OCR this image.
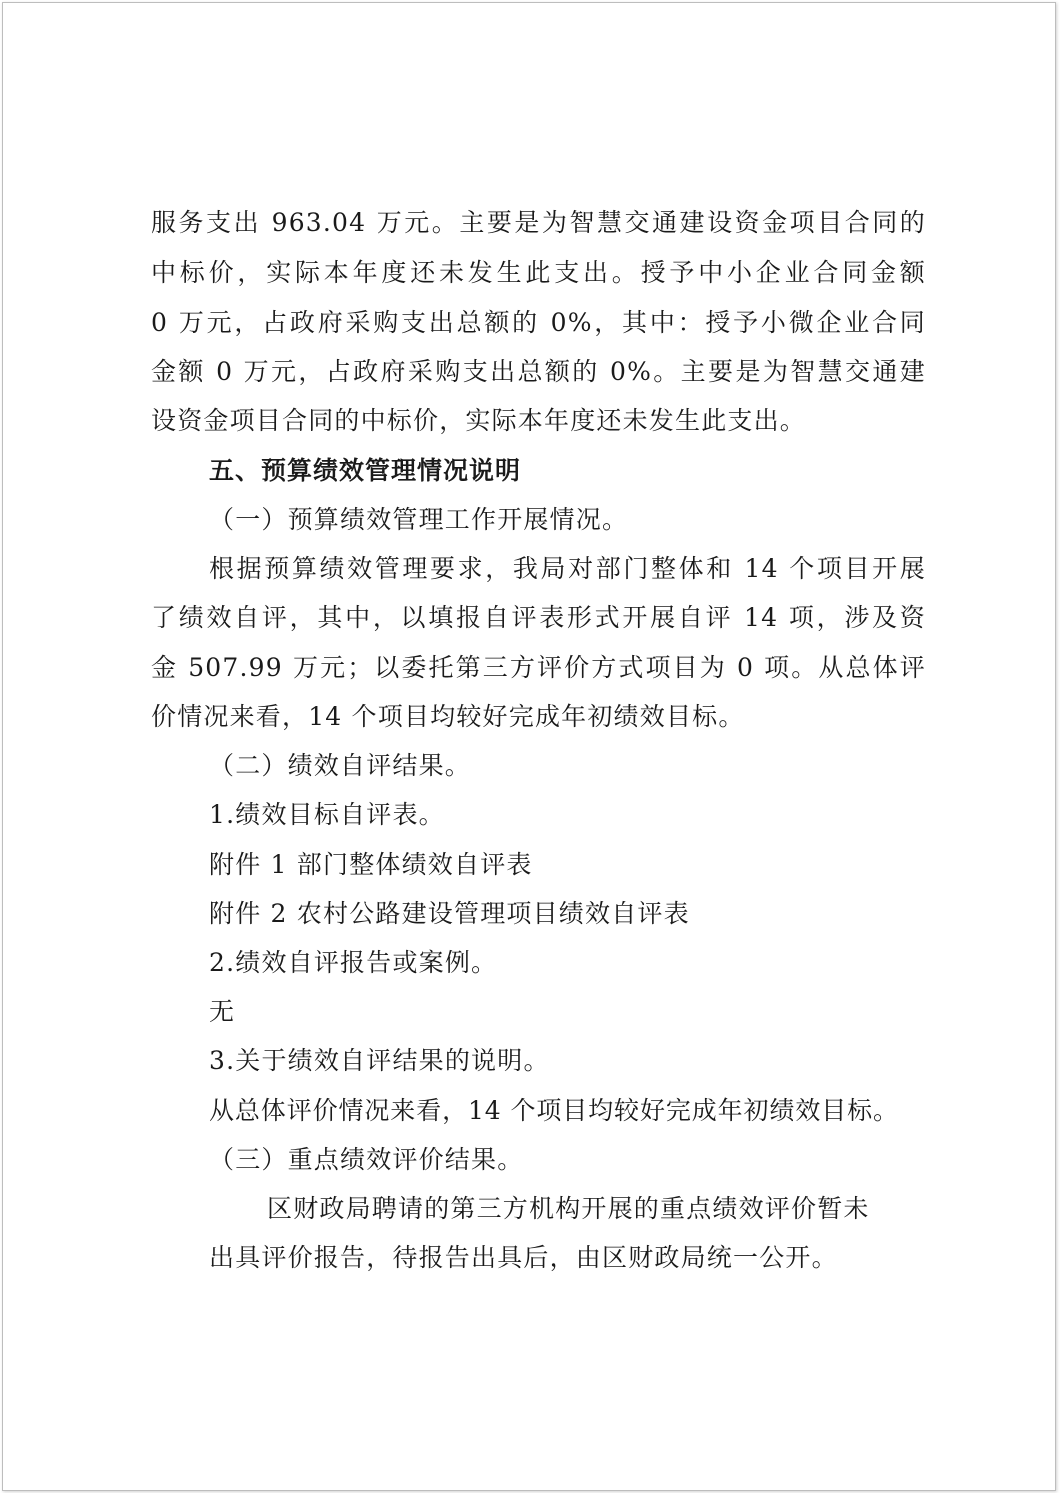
服务支出 963.04 万元。主要是为智慧交通建设资金项目合同的
中标价，实际本年度还未发生此支出。授予中小企业合同金额
0 万元，占政府采购支出总额的 0%，其中：授予小微企业合同
金额 0 万元，占政府采购支出总额的 0%。主要是为智慧交通建
设资金项目合同的中标价，实际本年度还未发生此支出。
五、预算绩效管理情况说明
（一）预算绩效管理工作开展情况。
根据预算绩效管理要求，我局对部门整体和 14 个项目开展
了绩效自评，其中，以填报自评表形式开展自评 14 项，涉及资
金 507.99 万元；以委托第三方评价方式项目为 0 项。从总体评
价情况来看，14 个项目均较好完成年初绩效目标。
（二）绩效自评结果。
1.绩效目标自评表。
附件 1 部门整体绩效自评表
附件 2 农村公路建设管理项目绩效自评表
2.绩效自评报告或案例。
无
3.关于绩效自评结果的说明。
从总体评价情况来看，14 个项目均较好完成年初绩效目标。
（三）重点绩效评价结果。
区财政局聘请的第三方机构开展的重点绩效评价暂未
出具评价报告，待报告出具后，由区财政局统一公开。
